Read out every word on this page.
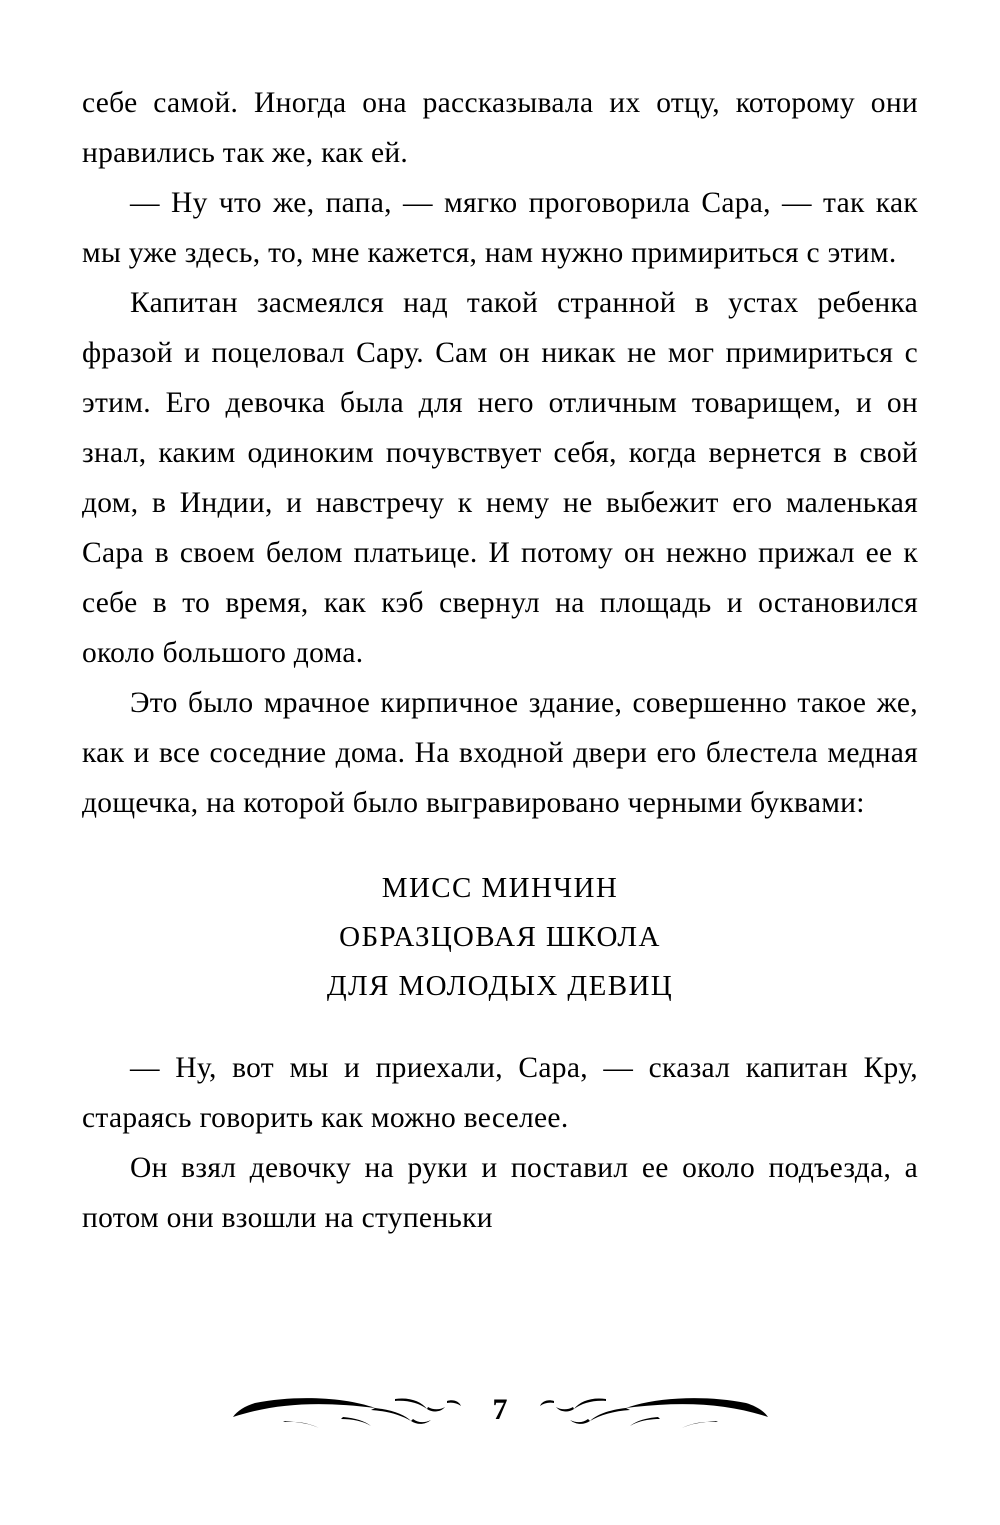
себе самой. Иногда она рассказывала их отцу, которому они нравились так же, как ей.

— Ну что же, папа, — мягко проговорила Сара, — так как мы уже здесь, то, мне кажется, нам нужно примириться с этим.

Капитан засмеялся над такой странной в устах ребенка фразой и поцеловал Сару. Сам он никак не мог примириться с этим. Его девочка была для него отличным товарищем, и он знал, каким одиноким почувствует себя, когда вернется в свой дом, в Индии, и навстречу к нему не выбежит его маленькая Сара в своем белом платьице. И потому он нежно прижал ее к себе в то время, как кэб свернул на площадь и остановился около большого дома.

Это было мрачное кирпичное здание, совершенно такое же, как и все соседние дома. На входной двери его блестела медная дощечка, на которой было выгравировано черными буквами:

МИСС МИНЧИН
ОБРАЗЦОВАЯ ШКОЛА
ДЛЯ МОЛОДЫХ ДЕВИЦ

— Ну, вот мы и приехали, Сара, — сказал капитан Кру, стараясь говорить как можно веселее.

Он взял девочку на руки и поставил ее около подъезда, а потом они взошли на ступеньки

7
